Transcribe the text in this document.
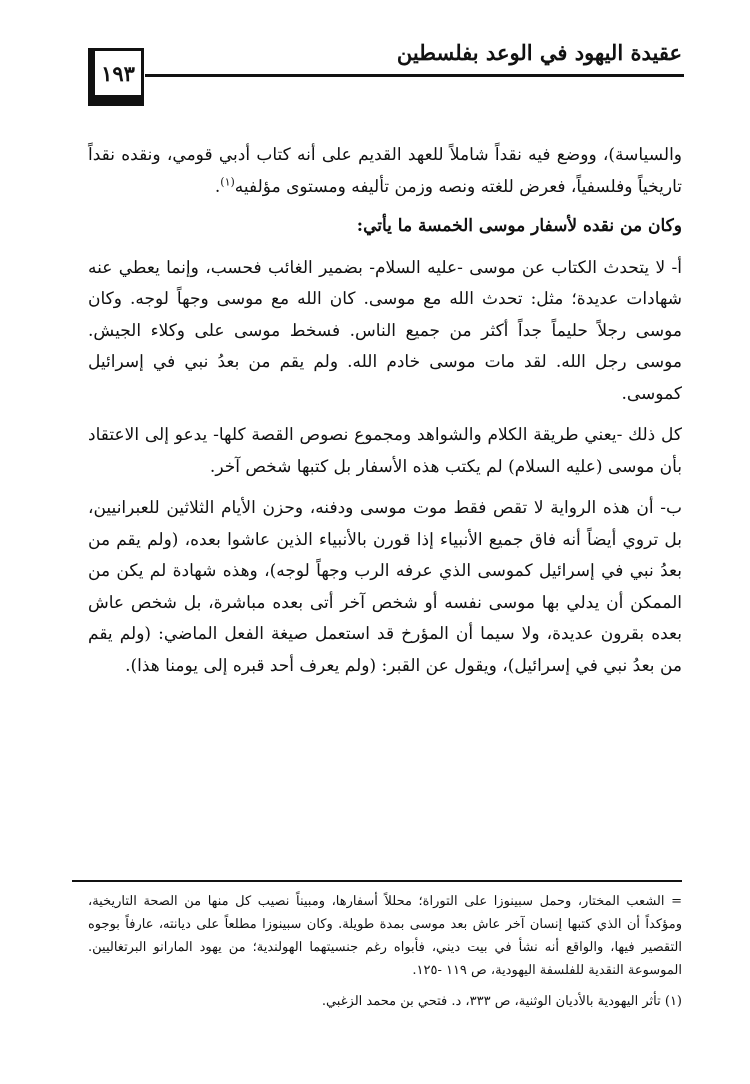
عقيدة اليهود في الوعد بفلسطين
١٩٣

والسياسة)، ووضع فيه نقداً شاملاً للعهد القديم على أنه كتاب أدبي قومي، ونقده نقداً تاريخياً وفلسفياً، فعرض للغته ونصه وزمن تأليفه ومستوى مؤلفيه$^{(١)}$.

وكان من نقده لأسفار موسى الخمسة ما يأتي:

أ- لا يتحدث الكتاب عن موسى -عليه السلام- بضمير الغائب فحسب، وإنما يعطي عنه شهادات عديدة؛ مثل: تحدث الله مع موسى. كان الله مع موسى وجهاً لوجه. وكان موسى رجلاً حليماً جداً أكثر من جميع الناس. فسخط موسى على وكلاء الجيش. موسى رجل الله. لقد مات موسى خادم الله. ولم يقم من بعدُ نبي في إسرائيل كموسى.

كل ذلك -يعني طريقة الكلام والشواهد ومجموع نصوص القصة كلها- يدعو إلى الاعتقاد بأن موسى (عليه السلام) لم يكتب هذه الأسفار بل كتبها شخص آخر.

ب- أن هذه الرواية لا تقص فقط موت موسى ودفنه، وحزن الأيام الثلاثين للعبرانيين، بل تروي أيضاً أنه فاق جميع الأنبياء إذا قورن بالأنبياء الذين عاشوا بعده، (ولم يقم من بعدُ نبي في إسرائيل كموسى الذي عرفه الرب وجهاً لوجه)، وهذه شهادة لم يكن من الممكن أن يدلي بها موسى نفسه أو شخص آخر أتى بعده مباشرة، بل شخص عاش بعده بقرون عديدة، ولا سيما أن المؤرخ قد استعمل صيغة الفعل الماضي: (ولم يقم من بعدُ نبي في إسرائيل)، ويقول عن القبر: (ولم يعرف أحد قبره إلى يومنا هذا).

= الشعب المختار، وحمل سبينوزا على التوراة؛ محللاً أسفارها، ومبيناً نصيب كل منها من الصحة التاريخية، ومؤكداً أن الذي كتبها إنسان آخر عاش بعد موسى بمدة طويلة. وكان سبينوزا مطلعاً على ديانته، عارفاً بوجوه التقصير فيها، والواقع أنه نشأ في بيت ديني، فأبواه رغم جنسيتهما الهولندية؛ من يهود المارانو البرتغاليين. الموسوعة النقدية للفلسفة اليهودية، ص ١١٩ -١٢٥.

(١) تأثر اليهودية بالأديان الوثنية، ص ٣٣٣، د. فتحي بن محمد الزغبي.
